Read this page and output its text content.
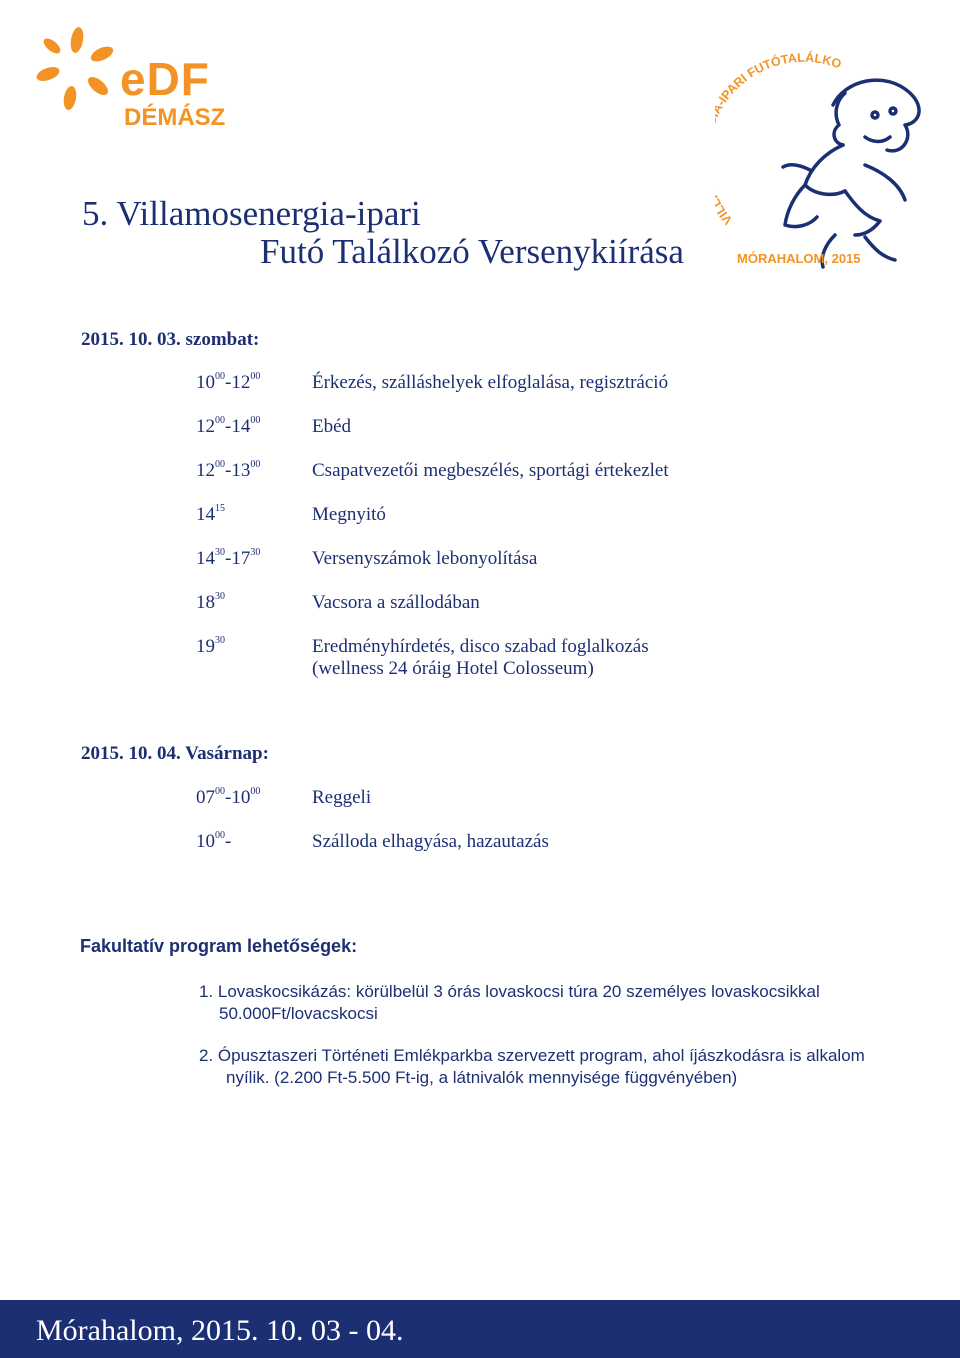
eDF
DÉMÁSZ
VI -IPARI FUTÓTALÁLKO
MÓRAHALOM, 2015
5. Villamosenergia-ipari
Futó Találkozó Versenykiírása
2015. 10. 03. szombat:
$10^{00}-12^{00}$	Érkezés, szálláshelyek elfoglalása, regisztráció
$12^{00}-14^{00}$	Ebéd
$12^{00}-13^{00}$	Csapatvezetői megbeszélés, sportági értekezlet
$14^{15}$	Megnyitó
$14^{30}-17^{30}$	Versenyszámok lebonyolítása
$18^{30}$	Vacsora a szállodában
$19^{30}$	Eredményhírdetés, disco szabad foglalkozás
(wellness 24 óráig Hotel Colosseum)
2015. 10. 04. Vasárnap:
$07^{00}-10^{00}$	Reggeli
$10^{00}-$	Szálloda elhagyása, hazautazás
Fakultatív program lehetőségek:
1. Lovaskocsikázás: körülbelül 3 órás lovaskocsi túra 20 személyes lovaskocsikkal
50.000Ft/lovacskocsi
2. Ópusztaszeri Történeti Emlékparkba szervezett program, ahol íjászkodásra is alkalom
nyílik. (2.200 Ft-5.500 Ft-ig, a látnivalók mennyisége függvényében)
Mórahalom, 2015. 10. 03 - 04.
